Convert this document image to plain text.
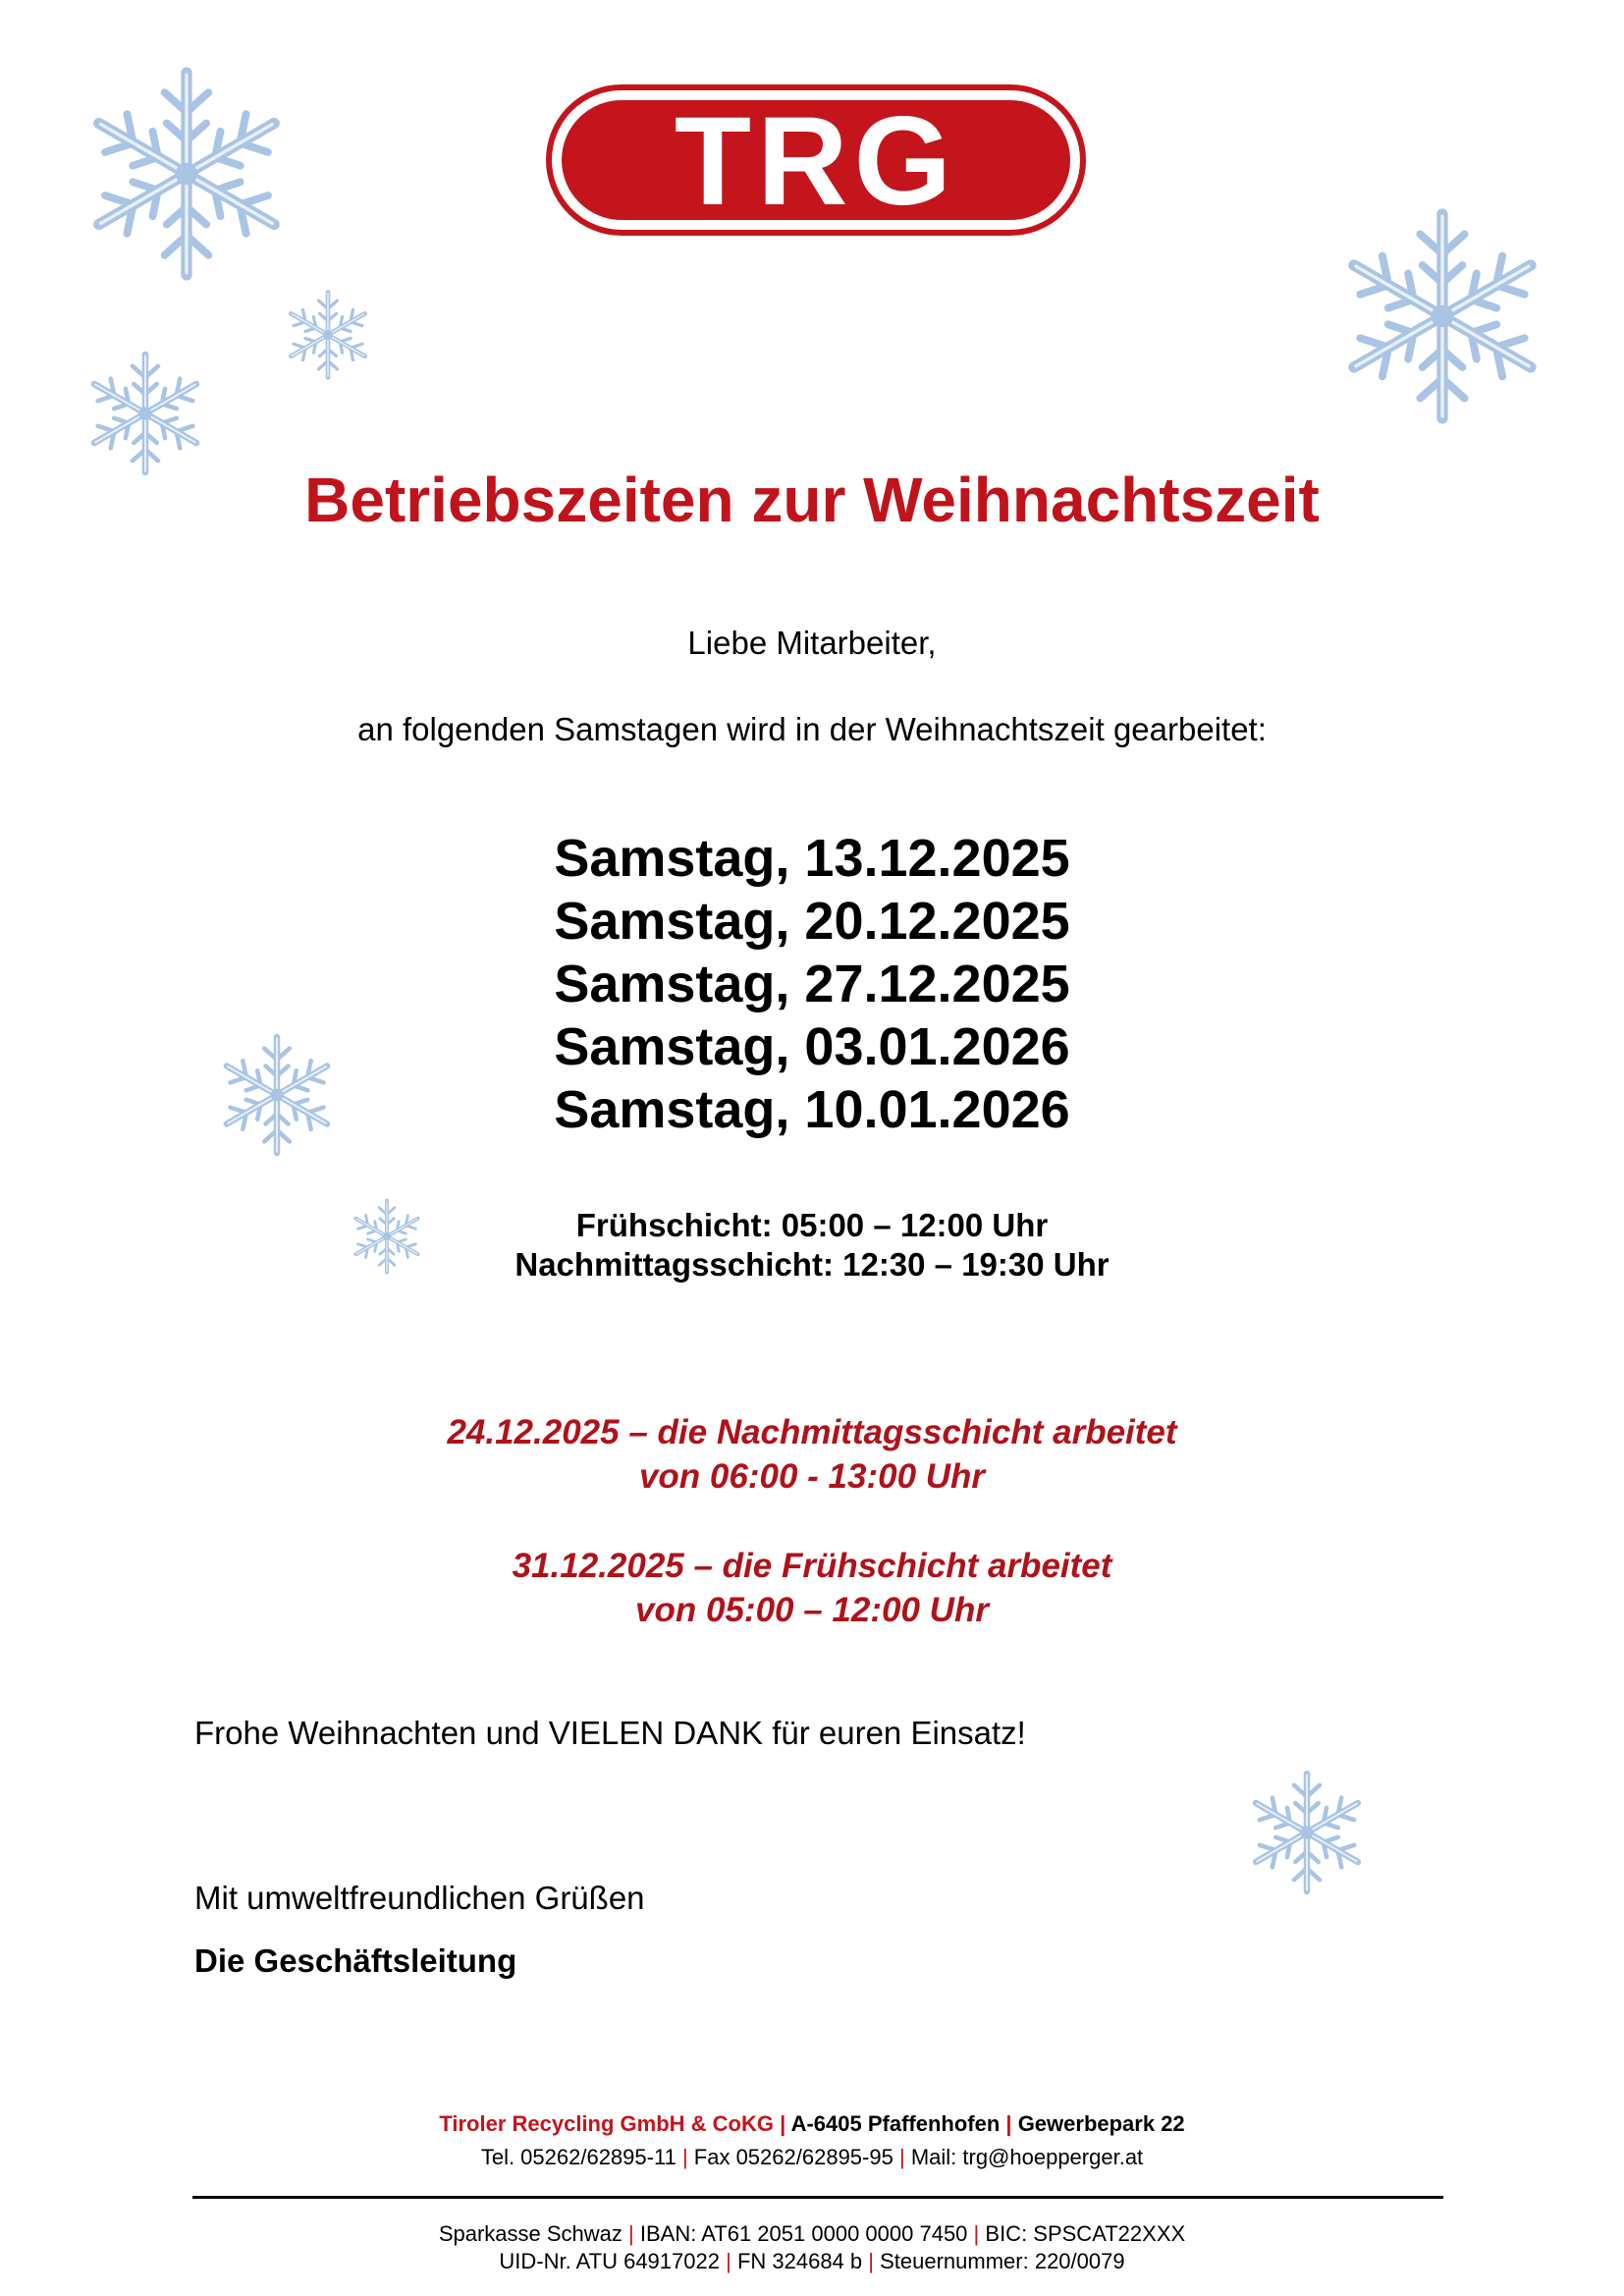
TRG
Betriebszeiten zur Weihnachtszeit
Liebe Mitarbeiter,
an folgenden Samstagen wird in der Weihnachtszeit gearbeitet:
Samstag, 13.12.2025
Samstag, 20.12.2025
Samstag, 27.12.2025
Samstag, 03.01.2026
Samstag, 10.01.2026
Frühschicht: 05:00 – 12:00 Uhr
Nachmittagsschicht: 12:30 – 19:30 Uhr
24.12.2025 – die Nachmittagsschicht arbeitet
von 06:00 - 13:00 Uhr
31.12.2025 – die Frühschicht arbeitet
von 05:00 – 12:00 Uhr
Frohe Weihnachten und VIELEN DANK für euren Einsatz!
Mit umweltfreundlichen Grüßen
Die Geschäftsleitung
Tiroler Recycling GmbH & CoKG | A-6405 Pfaffenhofen | Gewerbepark 22
Tel. 05262/62895-11 | Fax 05262/62895-95 | Mail: trg@hoepperger.at
Sparkasse Schwaz | IBAN: AT61 2051 0000 0000 7450 | BIC: SPSCAT22XXX
UID-Nr. ATU 64917022 | FN 324684 b | Steuernummer: 220/0079
